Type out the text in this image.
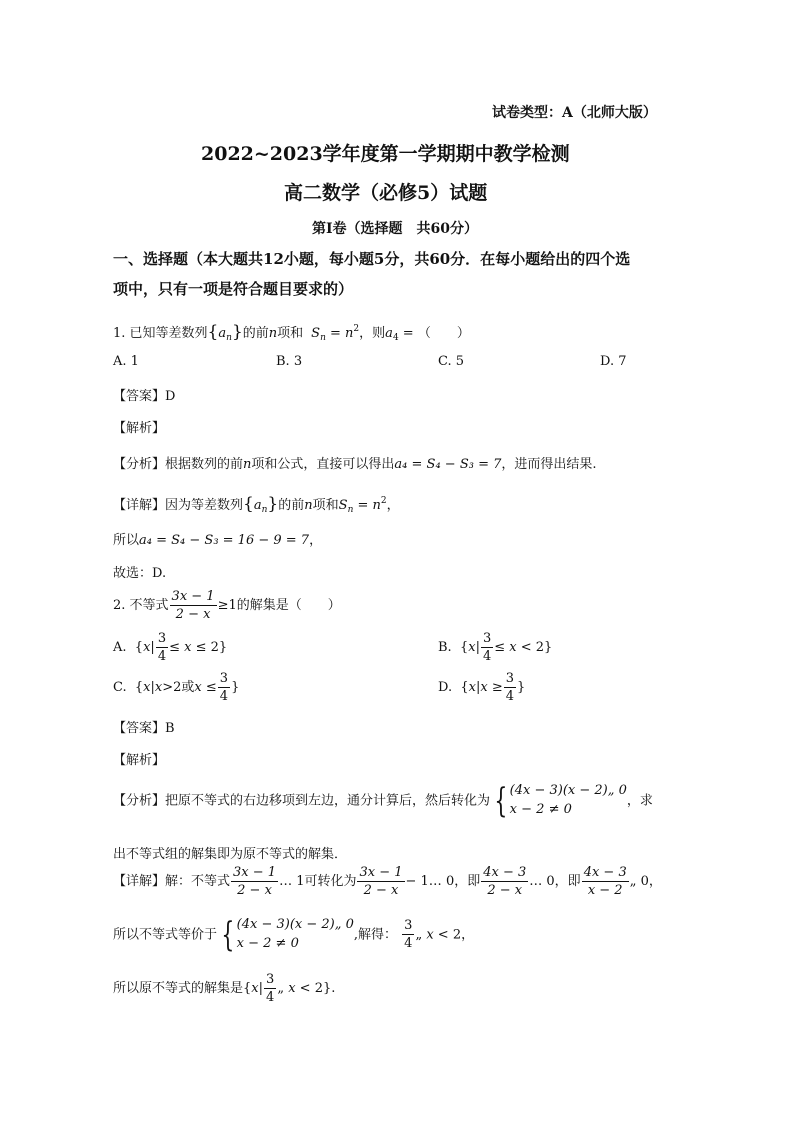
试卷类型：A（北师大版）
2022~2023学年度第一学期期中教学检测
高二数学（必修5）试题
第Ⅰ卷（选择题　共60分）
一、选择题（本大题共12小题，每小题5分，共60分．在每小题给出的四个选
项中，只有一项是符合题目要求的）
1. 已知等差数列$\{a_n\}$的前n项和 $S_n = n^2$，则$a_4$ = （　　）
A. 1	B. 3	C. 5	D. 7
【答案】D
【解析】
【分析】根据数列的前n项和公式，直接可以得出a₄ = S₄ − S₃ = 7，进而得出结果.
【详解】因为等差数列$\{a_n\}$的前n项和$S_n = n^2$，
所以a₄ = S₄ − S₃ = 16 − 9 = 7，
故选：D.
2. 不等式 $\frac{3x - 1}{2 - x} \ge 1$的解集是（　　）
A.  $\{x| \frac{3}{4} \le x \le 2\}$	B.  $\{x| \frac{3}{4} \le x < 2\}$
C.  {x|x>2或$x \le \frac{3}{4}$ }	D.  {$x|x \ge \frac{3}{4}$ }
【答案】B
【解析】
【分析】把原不等式的右边移项到左边，通分计算后，然后转化为 { (4x − 3)(x − 2)„ 0
x − 2 ≠ 0
，求
出不等式组的解集即为原不等式的解集．
【详解】解：不等式 $\frac{3x - 1}{2 - x}$ … 1可转化为 $\frac{3x - 1}{2 - x}$ − 1… 0，即 $\frac{4x - 3}{2 - x}$ … 0，即 $\frac{4x - 3}{x - 2}$ „ 0，
所以不等式等价于 { (4x − 3)(x − 2)„ 0
x − 2 ≠ 0
,解得： $\frac{3}{4}$ „ x < 2，
所以原不等式的解集是{$x| \frac{3}{4}$ „ x < 2}.
